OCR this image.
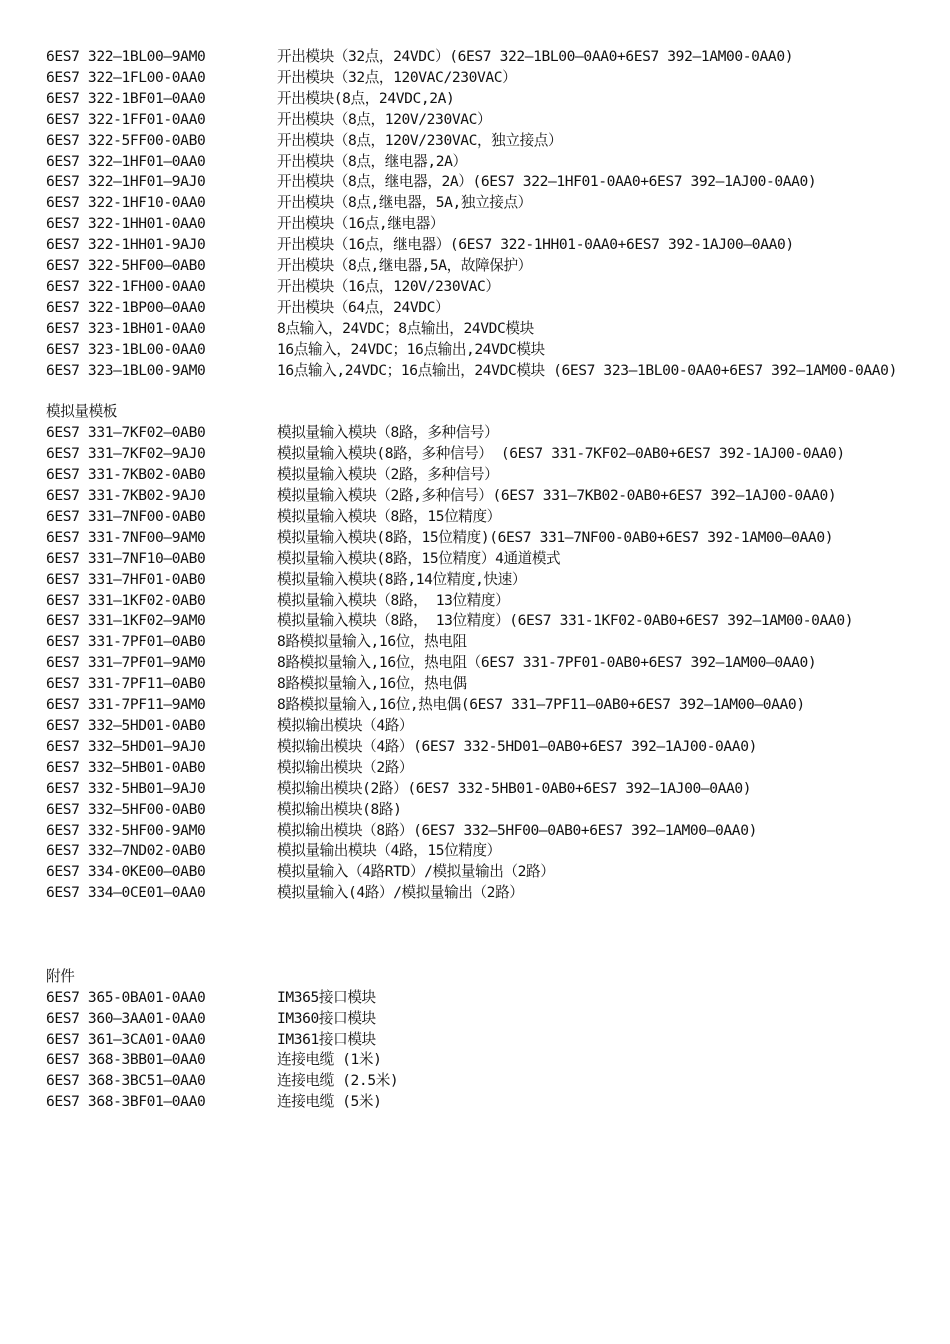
6ES7 322—1BL00—9AM0	开出模块（32点，24VDC）(6ES7 322—1BL00—0AA0+6ES7 392—1AM00-0AA0)
6ES7 322—1FL00-0AA0	开出模块（32点，120VAC/230VAC）
6ES7 322-1BF01—0AA0	开出模块(8点，24VDC,2A)
6ES7 322-1FF01-0AA0	开出模块（8点，120V/230VAC）
6ES7 322-5FF00-0AB0	开出模块（8点，120V/230VAC，独立接点）
6ES7 322—1HF01—0AA0	开出模块（8点，继电器,2A）
6ES7 322—1HF01—9AJ0	开出模块（8点，继电器，2A）(6ES7 322—1HF01-0AA0+6ES7 392—1AJ00-0AA0)
6ES7 322-1HF10-0AA0	开出模块（8点,继电器，5A,独立接点）
6ES7 322-1HH01-0AA0	开出模块（16点,继电器）
6ES7 322-1HH01-9AJ0	开出模块（16点，继电器）(6ES7 322-1HH01-0AA0+6ES7 392-1AJ00—0AA0)
6ES7 322-5HF00—0AB0	开出模块（8点,继电器,5A，故障保护）
6ES7 322-1FH00-0AA0	开出模块（16点，120V/230VAC）
6ES7 322-1BP00—0AA0	开出模块（64点，24VDC）
6ES7 323-1BH01-0AA0	8点输入，24VDC；8点输出，24VDC模块
6ES7 323-1BL00-0AA0	16点输入，24VDC；16点输出,24VDC模块
6ES7 323—1BL00-9AM0	16点输入,24VDC；16点输出，24VDC模块 (6ES7 323—1BL00-0AA0+6ES7 392—1AM00-0AA0)
模拟量模板
6ES7 331—7KF02—0AB0	模拟量输入模块（8路，多种信号）
6ES7 331—7KF02—9AJ0	模拟量输入模块(8路，多种信号） (6ES7 331-7KF02—0AB0+6ES7 392-1AJ00-0AA0)
6ES7 331-7KB02-0AB0	模拟量输入模块（2路，多种信号）
6ES7 331-7KB02-9AJ0	模拟量输入模块（2路,多种信号）(6ES7 331—7KB02-0AB0+6ES7 392—1AJ00-0AA0)
6ES7 331—7NF00-0AB0	模拟量输入模块（8路，15位精度）
6ES7 331-7NF00—9AM0	模拟量输入模块(8路，15位精度)(6ES7 331—7NF00-0AB0+6ES7 392-1AM00—0AA0)
6ES7 331—7NF10—0AB0	模拟量输入模块(8路，15位精度）4通道模式
6ES7 331—7HF01-0AB0	模拟量输入模块(8路,14位精度,快速）
6ES7 331—1KF02-0AB0	模拟量输入模块（8路， 13位精度）
6ES7 331—1KF02—9AM0	模拟量输入模块（8路， 13位精度）(6ES7 331-1KF02-0AB0+6ES7 392—1AM00-0AA0)
6ES7 331-7PF01—0AB0	8路模拟量输入,16位，热电阻
6ES7 331—7PF01—9AM0	8路模拟量输入,16位，热电阻（6ES7 331-7PF01-0AB0+6ES7 392—1AM00—0AA0)
6ES7 331-7PF11—0AB0	8路模拟量输入,16位，热电偶
6ES7 331-7PF11—9AM0	8路模拟量输入,16位,热电偶(6ES7 331—7PF11—0AB0+6ES7 392—1AM00—0AA0)
6ES7 332—5HD01-0AB0	模拟输出模块（4路）
6ES7 332—5HD01—9AJ0	模拟输出模块（4路）(6ES7 332-5HD01—0AB0+6ES7 392—1AJ00-0AA0)
6ES7 332—5HB01-0AB0	模拟输出模块（2路）
6ES7 332-5HB01—9AJ0	模拟输出模块(2路）(6ES7 332-5HB01-0AB0+6ES7 392—1AJ00—0AA0)
6ES7 332—5HF00-0AB0	模拟输出模块(8路)
6ES7 332-5HF00-9AM0	模拟输出模块（8路）(6ES7 332—5HF00—0AB0+6ES7 392—1AM00—0AA0)
6ES7 332—7ND02-0AB0	模拟量输出模块（4路，15位精度）
6ES7 334-0KE00—0AB0	模拟量输入（4路RTD）/模拟量输出（2路）
6ES7 334—0CE01—0AA0	模拟量输入(4路）/模拟量输出（2路）
附件
6ES7 365-0BA01-0AA0	IM365接口模块
6ES7 360—3AA01-0AA0	IM360接口模块
6ES7 361—3CA01-0AA0	IM361接口模块
6ES7 368-3BB01—0AA0	连接电缆 (1米)
6ES7 368-3BC51—0AA0	连接电缆 (2.5米)
6ES7 368-3BF01—0AA0	连接电缆 (5米)
